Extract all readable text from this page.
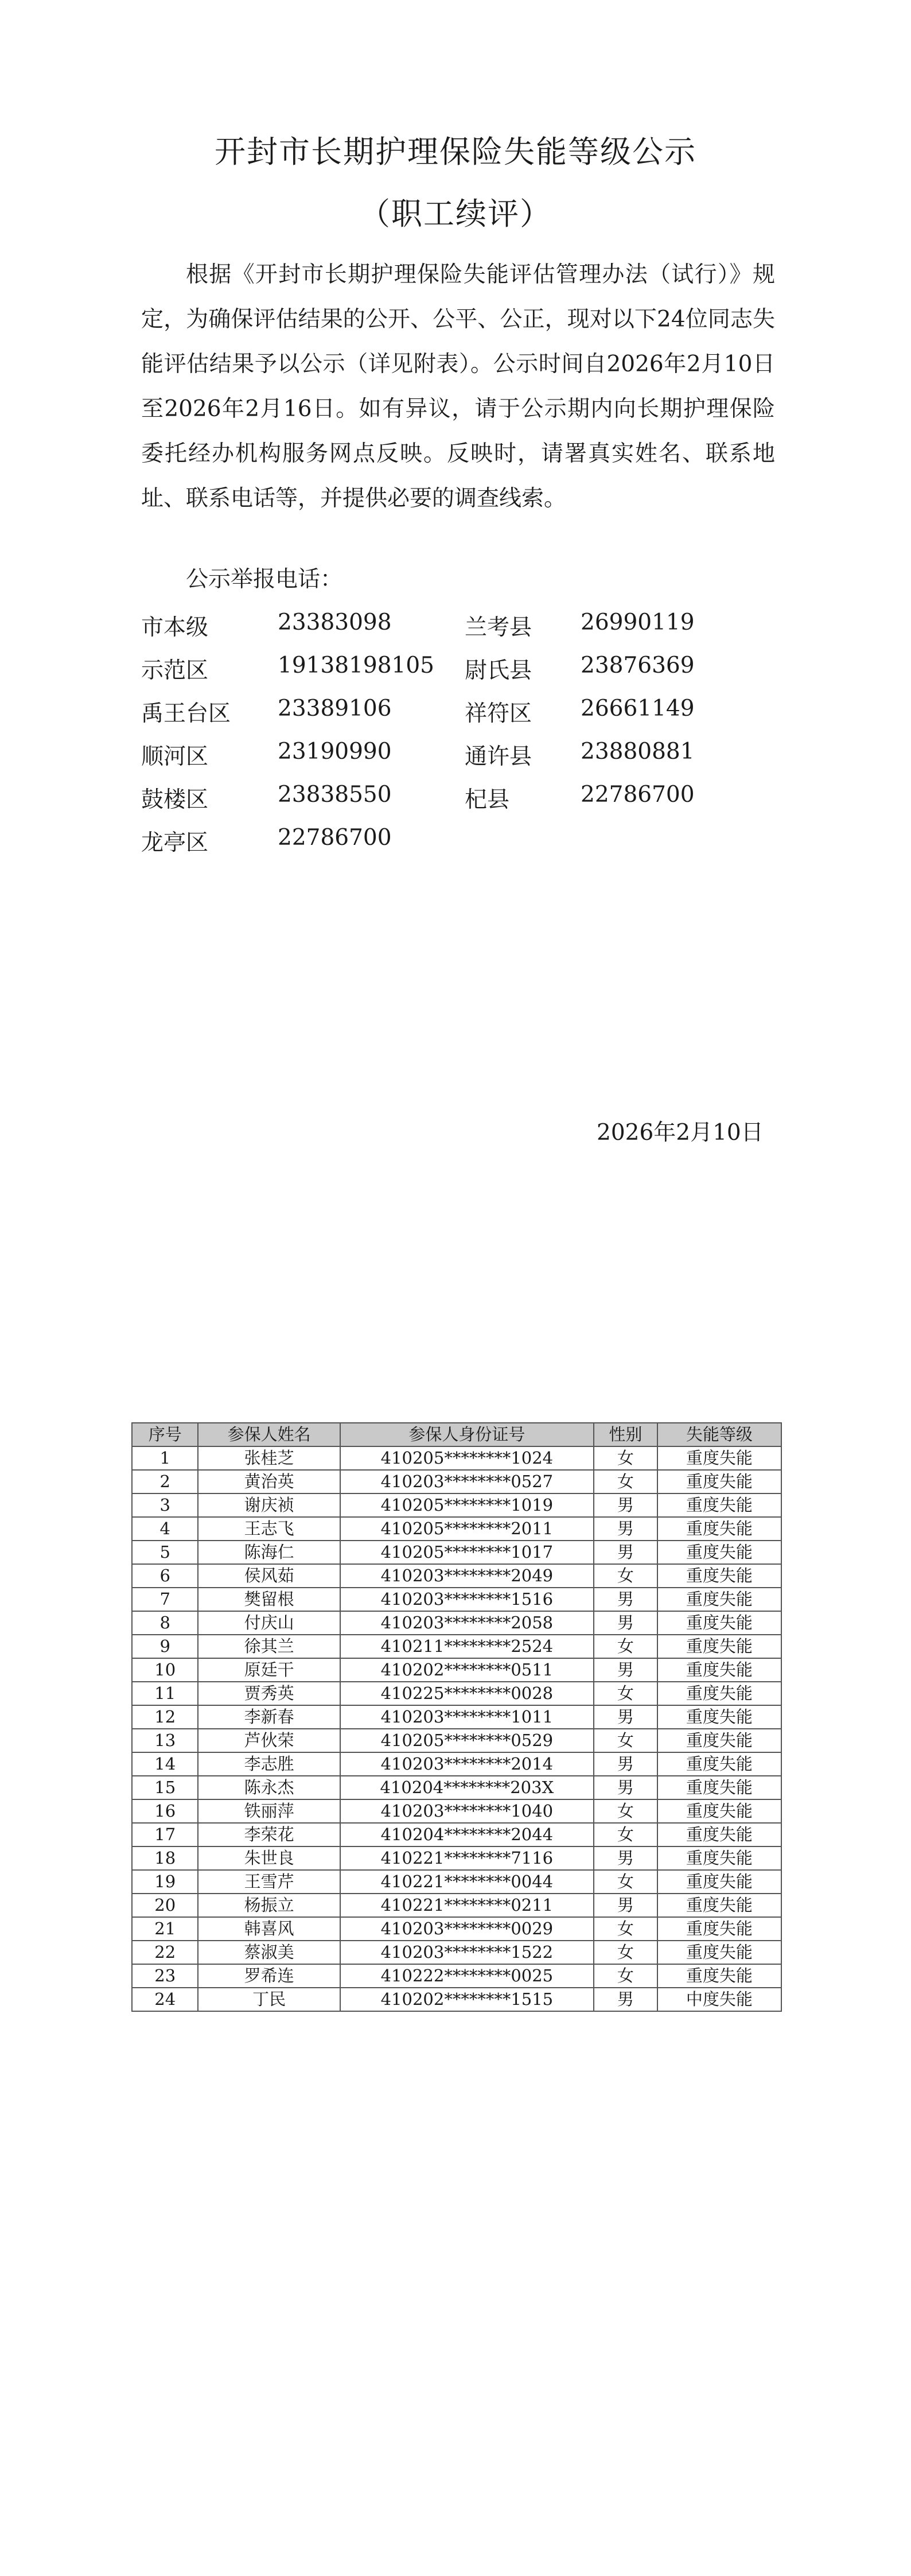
开封市长期护理保险失能等级公示
（职工续评）
根据《开封市长期护理保险失能评估管理办法（试行）》规定，为确保评估结果的公开、公平、公正，现对以下24位同志失能评估结果予以公示（详见附表）。公示时间自2026年2月10日至2026年2月16日。如有异议，请于公示期内向长期护理保险委托经办机构服务网点反映。反映时，请署真实姓名、联系地址、联系电话等，并提供必要的调查线索。
公示举报电话：
市本级	23383098	兰考县 26990119
示范区	19138198105 尉氏县 23876369
禹王台区 23389106	祥符区 26661149
顺河区	23190990	通许县 23880881
鼓楼区	23838550	杞县	22786700
龙亭区	22786700
2026年2月10日
序号	参保人姓名	参保人身份证号	性别	失能等级
1	张桂芝	410205********1024	女	重度失能
2	黄治英	410203********0527	女	重度失能
3	谢庆祯	410205********1019	男	重度失能
4	王志飞	410205********2011	男	重度失能
5	陈海仁	410205********1017	男	重度失能
6	侯风茹	410203********2049	女	重度失能
7	樊留根	410203********1516	男	重度失能
8	付庆山	410203********2058	男	重度失能
9	徐其兰	410211********2524	女	重度失能
10	原廷干	410202********0511	男	重度失能
11	贾秀英	410225********0028	女	重度失能
12	李新春	410203********1011	男	重度失能
13	芦伙荣	410205********0529	女	重度失能
14	李志胜	410203********2014	男	重度失能
15	陈永杰	410204********203X	男	重度失能
16	铁丽萍	410203********1040	女	重度失能
17	李荣花	410204********2044	女	重度失能
18	朱世良	410221********7116	男	重度失能
19	王雪芹	410221********0044	女	重度失能
20	杨振立	410221********0211	男	重度失能
21	韩喜风	410203********0029	女	重度失能
22	蔡淑美	410203********1522	女	重度失能
23	罗希连	410222********0025	女	重度失能
24	丁民	410202********1515	男	中度失能
